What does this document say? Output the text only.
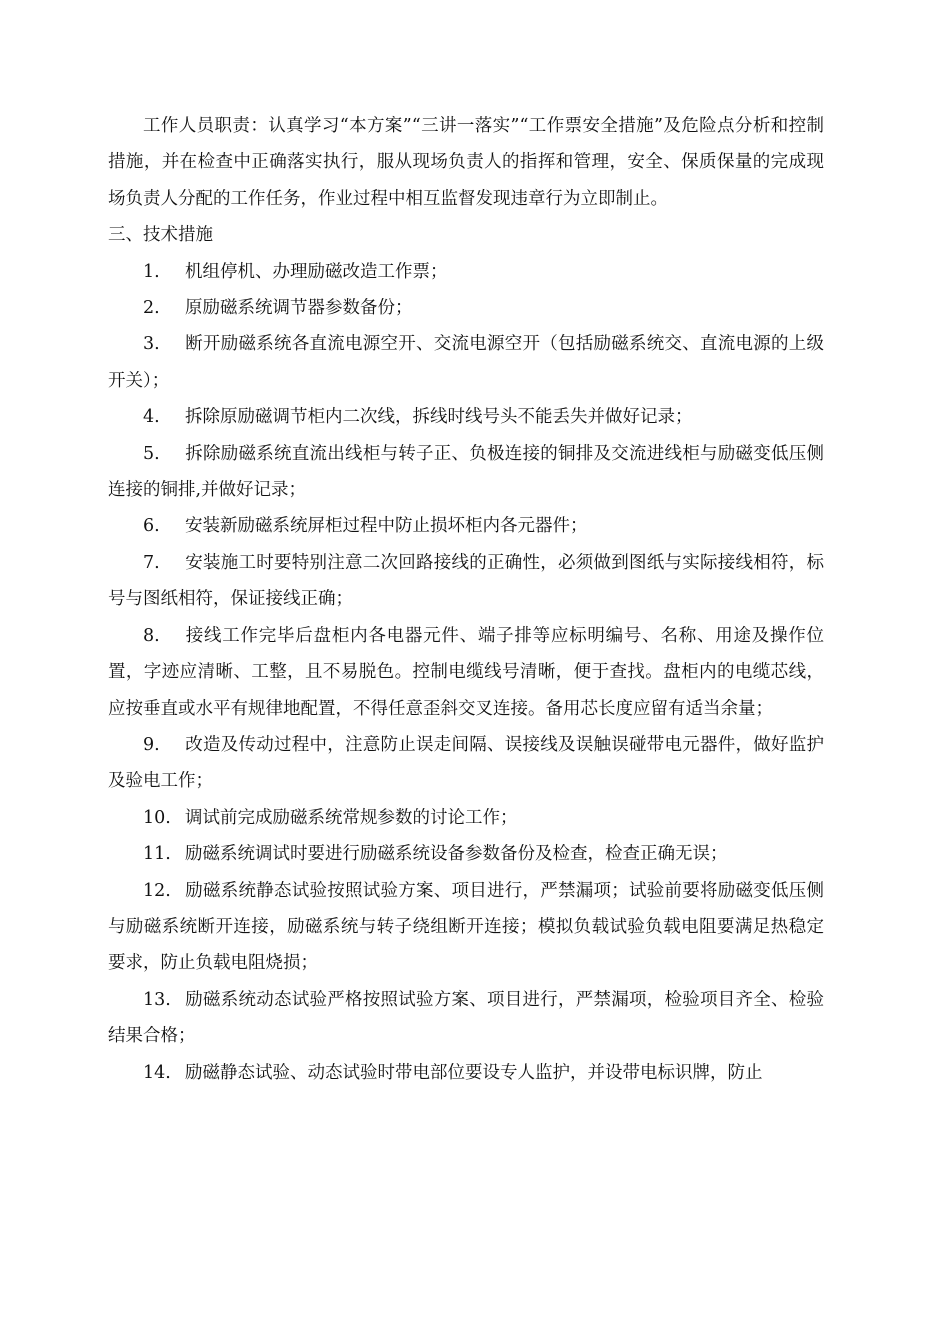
工作人员职责：认真学习“本方案”“三讲一落实”“工作票安全措施”及危险点分析和控制措施，并在检查中正确落实执行，服从现场负责人的指挥和管理，安全、保质保量的完成现场负责人分配的工作任务，作业过程中相互监督发现违章行为立即制止。

三、技术措施

1. 机组停机、办理励磁改造工作票；

2. 原励磁系统调节器参数备份；

3. 断开励磁系统各直流电源空开、交流电源空开（包括励磁系统交、直流电源的上级开关）；

4. 拆除原励磁调节柜内二次线，拆线时线号头不能丢失并做好记录；

5. 拆除励磁系统直流出线柜与转子正、负极连接的铜排及交流进线柜与励磁变低压侧连接的铜排,并做好记录；

6. 安装新励磁系统屏柜过程中防止损坏柜内各元器件；

7. 安装施工时要特别注意二次回路接线的正确性，必须做到图纸与实际接线相符，标号与图纸相符，保证接线正确；

8. 接线工作完毕后盘柜内各电器元件、端子排等应标明编号、名称、用途及操作位置，字迹应清晰、工整，且不易脱色。控制电缆线号清晰，便于查找。盘柜内的电缆芯线，应按垂直或水平有规律地配置，不得任意歪斜交叉连接。备用芯长度应留有适当余量；

9. 改造及传动过程中，注意防止误走间隔、误接线及误触误碰带电元器件，做好监护及验电工作；

10. 调试前完成励磁系统常规参数的讨论工作；

11. 励磁系统调试时要进行励磁系统设备参数备份及检查，检查正确无误；

12. 励磁系统静态试验按照试验方案、项目进行，严禁漏项；试验前要将励磁变低压侧与励磁系统断开连接，励磁系统与转子绕组断开连接；模拟负载试验负载电阻要满足热稳定要求，防止负载电阻烧损；

13. 励磁系统动态试验严格按照试验方案、项目进行，严禁漏项，检验项目齐全、检验结果合格；

14. 励磁静态试验、动态试验时带电部位要设专人监护，并设带电标识牌，防止
